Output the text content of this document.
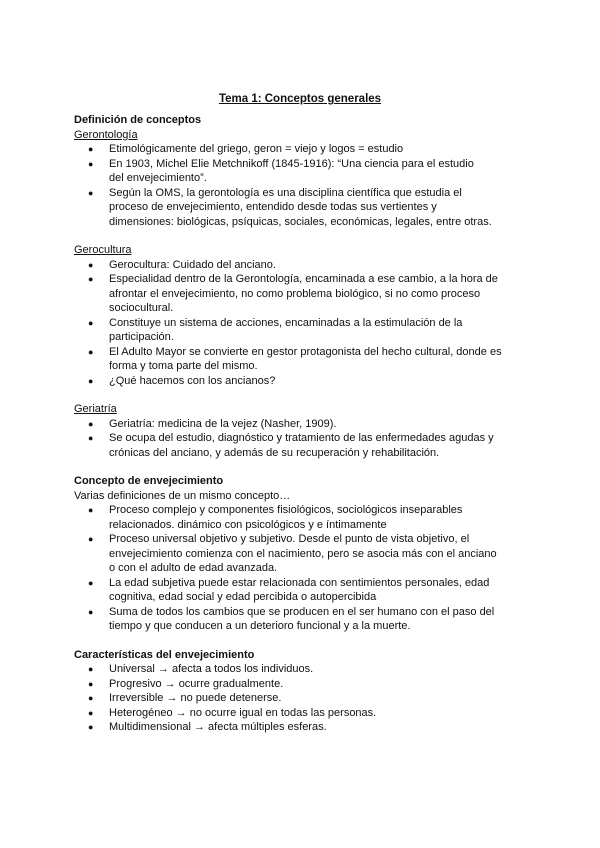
Tema 1: Conceptos generales

Definición de conceptos

Gerontología

● Etimológicamente del griego, geron = viejo y logos = estudio
● En 1903, Michel Elie Metchnikoff (1845-1916): “Una ciencia para el estudio
del envejecimiento”.
● Según la OMS, la gerontología es una disciplina científica que estudia el proceso de envejecimiento, entendido desde todas sus vertientes y dimensiones: biológicas, psíquicas, sociales, económicas, legales, entre otras.

Gerocultura

● Gerocultura: Cuidado del anciano.
● Especialidad dentro de la Gerontología, encaminada a ese cambio, a la hora de afrontar el envejecimiento, no como problema biológico, si no como proceso sociocultural.
● Constituye un sistema de acciones, encaminadas a la estimulación de la participación.
● El Adulto Mayor se convierte en gestor protagonista del hecho cultural, donde es forma y toma parte del mismo.
● ¿Qué hacemos con los ancianos?

Geriatría

● Geriatría: medicina de la vejez (Nasher, 1909).
● Se ocupa del estudio, diagnóstico y tratamiento de las enfermedades agudas y crónicas del anciano, y además de su recuperación y rehabilitación.

Concepto de envejecimiento

Varias definiciones de un mismo concepto…

● Proceso complejo y componentes fisiológicos, sociológicos inseparables relacionados. dinámico con psicológicos y e íntimamente
● Proceso universal objetivo y subjetivo. Desde el punto de vista objetivo, el envejecimiento comienza con el nacimiento, pero se asocia más con el anciano o con el adulto de edad avanzada.
● La edad subjetiva puede estar relacionada con sentimientos personales, edad cognitiva, edad social y edad percibida o autopercibida
● Suma de todos los cambios que se producen en el ser humano con el paso del tiempo y que conducen a un deterioro funcional y a la muerte.

Características del envejecimiento

● Universal → afecta a todos los individuos.
● Progresivo → ocurre gradualmente.
● Irreversible → no puede detenerse.
● Heterogéneo → no ocurre igual en todas las personas.
● Multidimensional → afecta múltiples esferas.
